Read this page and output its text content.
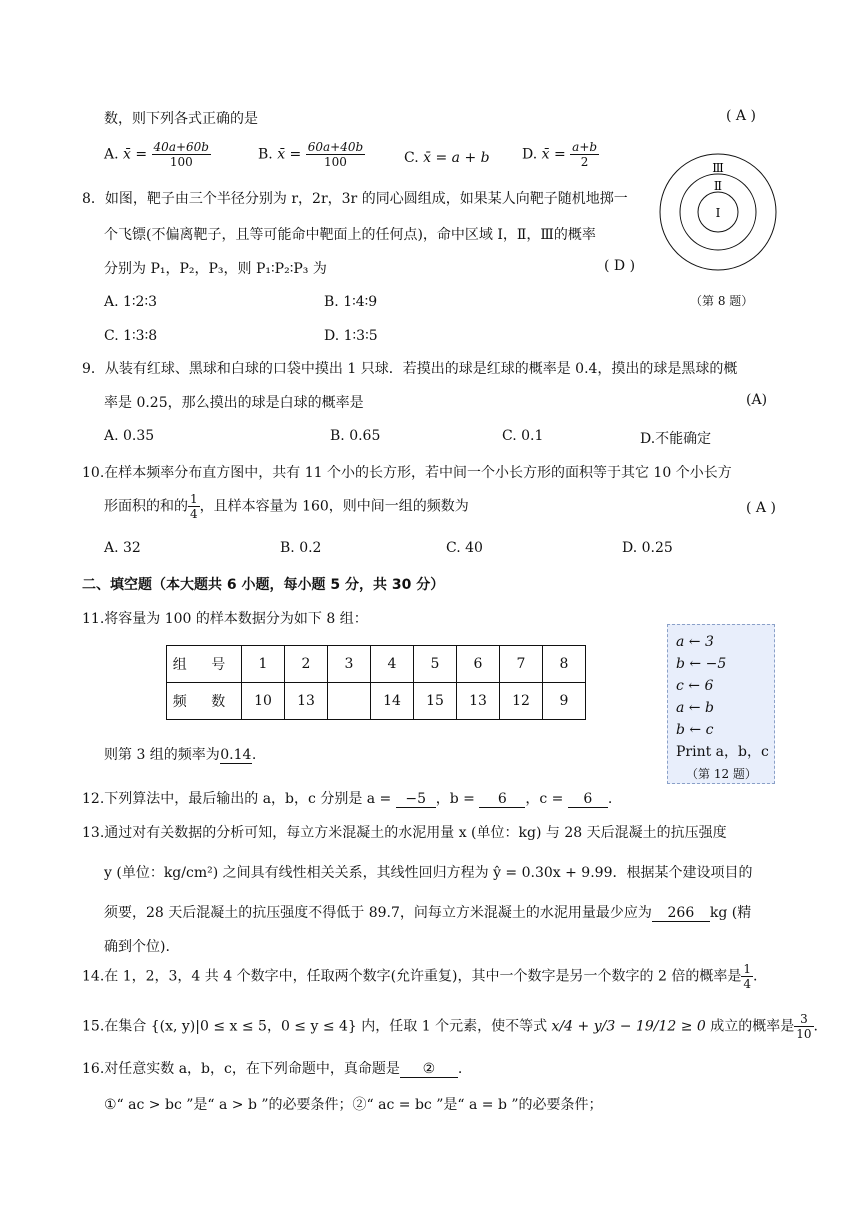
数，则下列各式正确的是	( A )
A. x̄ = $\frac{40a+60b}{100}$	B. x̄ = $\frac{60a+40b}{100}$	C. x̄ = a + b D. x̄ = $\frac{a+b}{2}$
8．如图，靶子由三个半径分别为 r，2r，3r 的同心圆组成，如果某人向靶子随机地掷一
个飞镖(不偏离靶子，且等可能命中靶面上的任何点)，命中区域 Ⅰ，Ⅱ，Ⅲ的概率
分别为 P₁，P₂，P₃，则 P₁∶P₂∶P₃ 为	( D )
A. 1∶2∶3	B. 1∶4∶9
C. 1∶3∶8	D. 1∶3∶5
Ⅲ
Ⅱ
Ⅰ
（第 8 题）
9．从装有红球、黑球和白球的口袋中摸出 1 只球．若摸出的球是红球的概率是 0.4，摸出的球是黑球的概
率是 0.25，那么摸出的球是白球的概率是	(A)
A. 0.35	B. 0.65	C. 0.1	D.不能确定
10.在样本频率分布直方图中，共有 11 个小的长方形，若中间一个小长方形的面积等于其它 10 个小长方
形面积的和的 $\frac{1}{4}$ ，且样本容量为 160，则中间一组的频数为	( A )
A. 32	B. 0.2	C. 40	D. 0.25
二、填空题（本大题共 6 小题，每小题 5 分，共 30 分）
11.将容量为 100 的样本数据分为如下 8 组：
组 号	1	2	3	4	5	6	7	8
频 数	10	13		14	15	13	12	9
则第 3 组的频率为0.14.
a ← 3
b ← −5
c ← 6
a ← b
b ← c
Print a，b，c
（第 12 题）
12.下列算法中，最后输出的 a，b，c 分别是 a = −5 ，b = 6 ，c = 6 .
13.通过对有关数据的分析可知，每立方米混凝土的水泥用量 x (单位：kg) 与 28 天后混凝土的抗压强度
y (单位：kg/cm²) 之间具有线性相关关系，其线性回归方程为 ŷ = 0.30x + 9.99．根据某个建设项目的
须要，28 天后混凝土的抗压强度不得低于 89.7，问每立方米混凝土的水泥用量最少应为 266 kg (精
确到个位).
14.在 1，2，3，4 共 4 个数字中，任取两个数字(允许重复)，其中一个数字是另一个数字的 2 倍的概率是 $\frac{1}{4}$ .
15.在集合 {(x, y)|0 ≤ x ≤ 5，0 ≤ y ≤ 4} 内，任取 1 个元素，使不等式 x/4 + y/3 − 19/12 ≥ 0 成立的概率是 $\frac{3}{10}$ .
16.对任意实数 a，b，c，在下列命题中，真命题是 ② .
①“ ac > bc ”是“ a > b ”的必要条件；②“ ac = bc ”是“ a = b ”的必要条件；
